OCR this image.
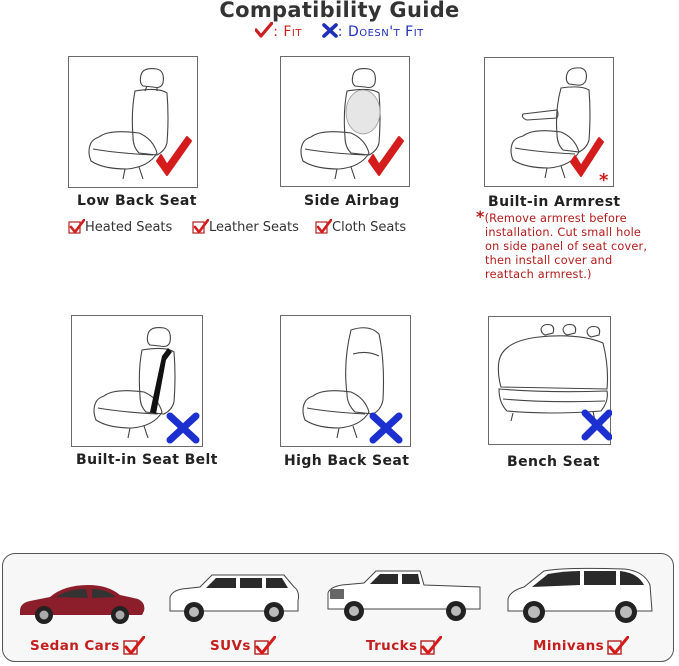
Compatibility Guide
: Fit	: Doesn't Fit
Low Back Seat	Side Airbag
*
Built-in Armrest
Heated Seats	Leather Seats	Cloth Seats
*(Remove armrest before
installation. Cut small hole
on side panel of seat cover,
then install cover and
reattach armrest.)
Built-in Seat Belt	High Back Seat	Bench Seat
Sedan Cars	SUVs	Trucks	Minivans
